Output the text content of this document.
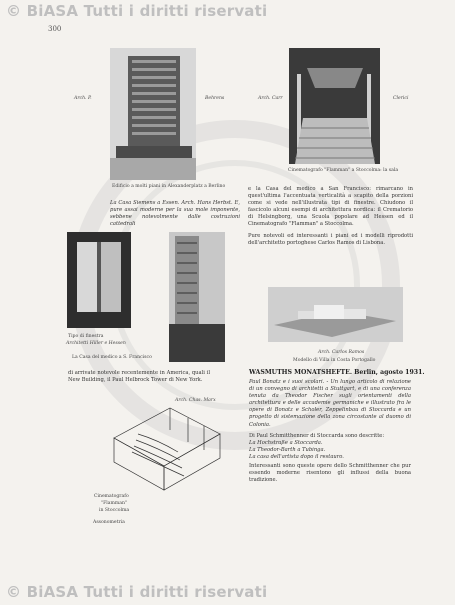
© BiASA Tutti i diritti riservati
300
Arch. P.	Behrens
Edificio a molti piani in Alexanderplatz a Berlino
Arch. Carr	Clerici
Cinematografo "Flamman" a Stoccolma: la sala

La Casa Siemens a Essen. Arch. Hans Herbst. E, pure assai moderne per la sua mole imponente, sebbene notevolmente dalle costruzioni cattedrali

e la Casa del medico a San Francisco: rimarcano in quest'ultima l'accentuata verticalità a scapito della porzioni come si vede nell'illustrata tipi di finestre. Chiudono il fascicolo alcuni esempi di architettura nordica: il Crematorio di Helsingborg, una Scuola popolare ad Hessen ed il Cinematografo "Flamman" a Stoccolma.

Pure notevoli ed interessanti i piani ed i modelli riprodotti dell'architetto portoghese Carlos Ramos di Lisbona.

Tipo di finestra
Architetti Hiller e Hessen
La Casa del medico a S. Francisco
Arch. Carlos Ramos
Modello di Villa in Costa Portogallo

di arrivate notevole recentemente in America, quali il New Building, il Paul Helbrock Tower di New York.

Arch. Chas. Marx
WASMUTHS MONATSHEFTE. Berlin, agosto 1931.

Paul Bonatz e i suoi scolari. - Un lungo articolo di relazione di un convegno di architetti a Stuttgart, e di una conferenza tenuta da Theodor Fischer sugli orientamenti della architettura e delle accademie germaniche e illustrato fra le opere di Bonatz e Scholer, Zeppelinbau di Stoccarda e un progetto di sistemazione della zona circostante al duomo di Colonia.

Di Paul Schmitthenner di Stoccarda sono descritte:

La Hochstraße a Stoccarda.

La Theodor-Barth a Tubinga.

La casa dell'artista dopo il restauro.

Interessanti sono queste opere dello Schmitthenner che pur essendo moderne risentono gli influssi della buona tradizione.

Cinematografo
"Flamman"
in Stoccolma
Assonometria
© BiASA Tutti i diritti riservati
